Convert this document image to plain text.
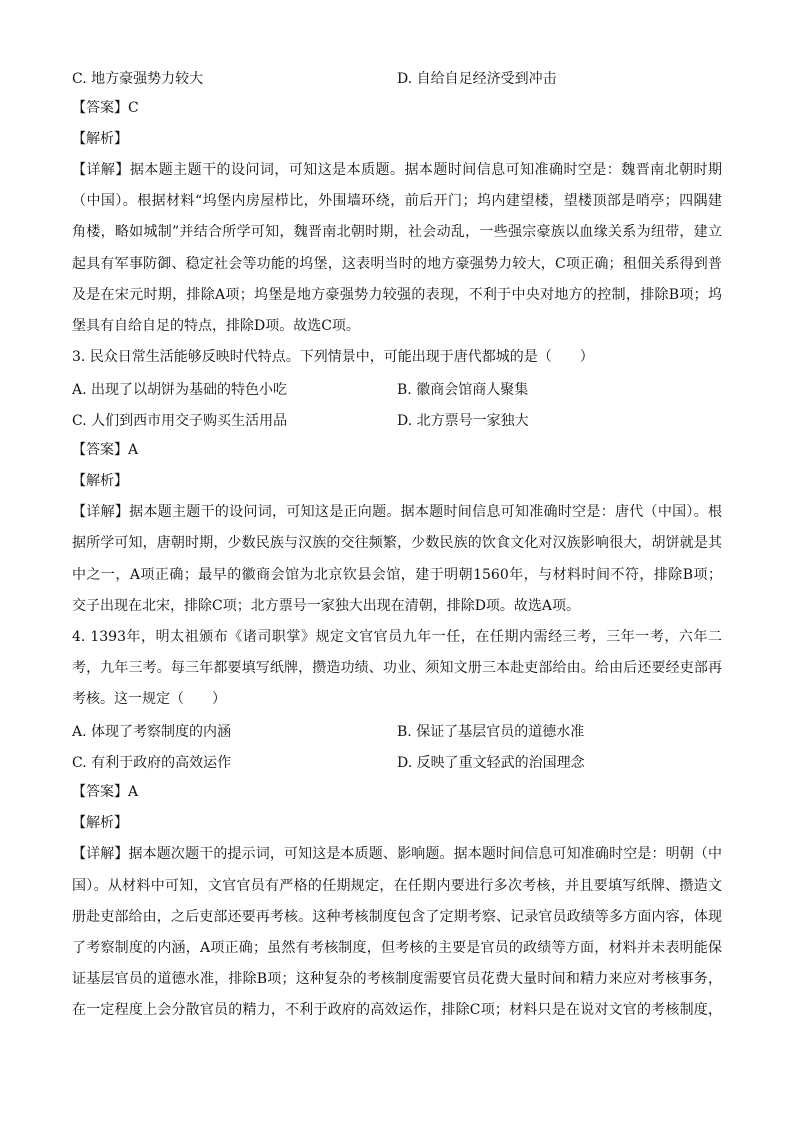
C. 地方豪强势力较大	D. 自给自足经济受到冲击
【答案】C
【解析】
【详解】据本题主题干的设问词，可知这是本质题。据本题时间信息可知准确时空是：魏晋南北朝时期
（中国）。根据材料“坞堡内房屋栉比，外围墙环绕，前后开门；坞内建望楼，望楼顶部是哨亭；四隅建
角楼，略如城制”并结合所学可知，魏晋南北朝时期，社会动乱，一些强宗豪族以血缘关系为纽带，建立
起具有军事防御、稳定社会等功能的坞堡，这表明当时的地方豪强势力较大，C项正确；租佃关系得到普
及是在宋元时期，排除A项；坞堡是地方豪强势力较强的表现，不利于中央对地方的控制，排除B项；坞
堡具有自给自足的特点，排除D项。故选C项。
3. 民众日常生活能够反映时代特点。下列情景中，可能出现于唐代都城的是（　　）
A. 出现了以胡饼为基础的特色小吃	B. 徽商会馆商人聚集
C. 人们到西市用交子购买生活用品	D. 北方票号一家独大
【答案】A
【解析】
【详解】据本题主题干的设问词，可知这是正向题。据本题时间信息可知准确时空是：唐代（中国）。根
据所学可知，唐朝时期，少数民族与汉族的交往频繁，少数民族的饮食文化对汉族影响很大，胡饼就是其
中之一，A项正确；最早的徽商会馆为北京钦县会馆，建于明朝1560年，与材料时间不符，排除B项；
交子出现在北宋，排除C项；北方票号一家独大出现在清朝，排除D项。故选A项。
4. 1393年，明太祖颁布《诸司职掌》规定文官官员九年一任，在任期内需经三考，三年一考，六年二
考，九年三考。每三年都要填写纸牌，攒造功绩、功业、须知文册三本赴吏部给由。给由后还要经吏部再
考核。这一规定（　　）
A. 体现了考察制度的内涵	B. 保证了基层官员的道德水准
C. 有利于政府的高效运作	D. 反映了重文轻武的治国理念
【答案】A
【解析】
【详解】据本题次题干的提示词，可知这是本质题、影响题。据本题时间信息可知准确时空是：明朝（中
国）。从材料中可知，文官官员有严格的任期规定，在任期内要进行多次考核，并且要填写纸牌、攒造文
册赴吏部给由，之后吏部还要再考核。这种考核制度包含了定期考察、记录官员政绩等多方面内容，体现
了考察制度的内涵，A项正确；虽然有考核制度，但考核的主要是官员的政绩等方面，材料并未表明能保
证基层官员的道德水准，排除B项；这种复杂的考核制度需要官员花费大量时间和精力来应对考核事务，
在一定程度上会分散官员的精力，不利于政府的高效运作，排除C项；材料只是在说对文官的考核制度，
